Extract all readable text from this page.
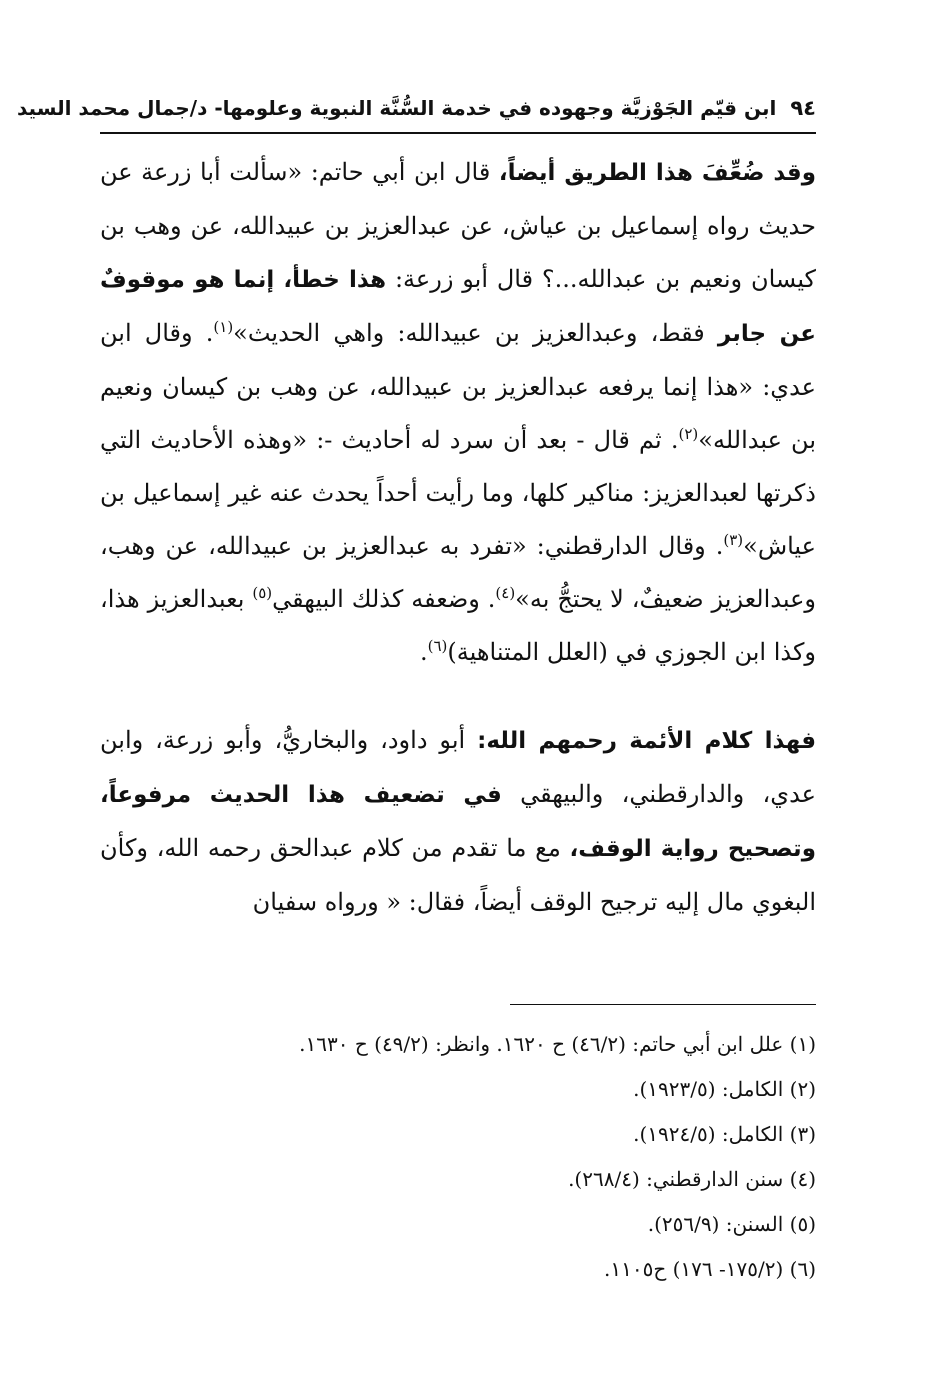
٩٤
ابن قيّم الجَوْزيَّة وجهوده في خدمة السُّنَّة النبوية وعلومها- د/جمال محمد السيد

وقد ضُعِّفَ هذا الطريق أيضاً، قال ابن أبي حاتم: «سألت أبا زرعة عن حديث رواه إسماعيل بن عياش، عن عبدالعزيز بن عبيدالله، عن وهب بن كيسان ونعيم بن عبدالله...؟ قال أبو زرعة: هذا خطأ، إنما هو موقوفٌ عن جابر فقط، وعبدالعزيز بن عبيدالله: واهي الحديث»$^{(١)}$. وقال ابن عدي: «هذا إنما يرفعه عبدالعزيز بن عبيدالله، عن وهب بن كيسان ونعيم بن عبدالله»$^{(٢)}$. ثم قال - بعد أن سرد له أحاديث -: «وهذه الأحاديث التي ذكرتها لعبدالعزيز: مناكير كلها، وما رأيت أحداً يحدث عنه غير إسماعيل بن عياش»$^{(٣)}$. وقال الدارقطني: «تفرد به عبدالعزيز بن عبيدالله، عن وهب، وعبدالعزيز ضعيفٌ، لا يحتجُّ به»$^{(٤)}$. وضعفه كذلك البيهقي$^{(٥)}$ بعبدالعزيز هذا، وكذا ابن الجوزي في (العلل المتناهية)$^{(٦)}$.

فهذا كلام الأئمة رحمهم الله: أبو داود، والبخاريُّ، وأبو زرعة، وابن عدي، والدارقطني، والبيهقي في تضعيف هذا الحديث مرفوعاً، وتصحيح رواية الوقف، مع ما تقدم من كلام عبدالحق رحمه الله، وكأن البغوي مال إليه ترجيح الوقف أيضاً، فقال: « ورواه سفيان

(١) علل ابن أبي حاتم: (٤٦/٢) ح ١٦٢٠. وانظر: (٤٩/٢) ح ١٦٣٠.
(٢) الكامل: (١٩٢٣/٥).
(٣) الكامل: (١٩٢٤/٥).
(٤) سنن الدارقطني: (٢٦٨/٤).
(٥) السنن: (٢٥٦/٩).
(٦) (١٧٥/٢- ١٧٦) ح١١٠٥.
